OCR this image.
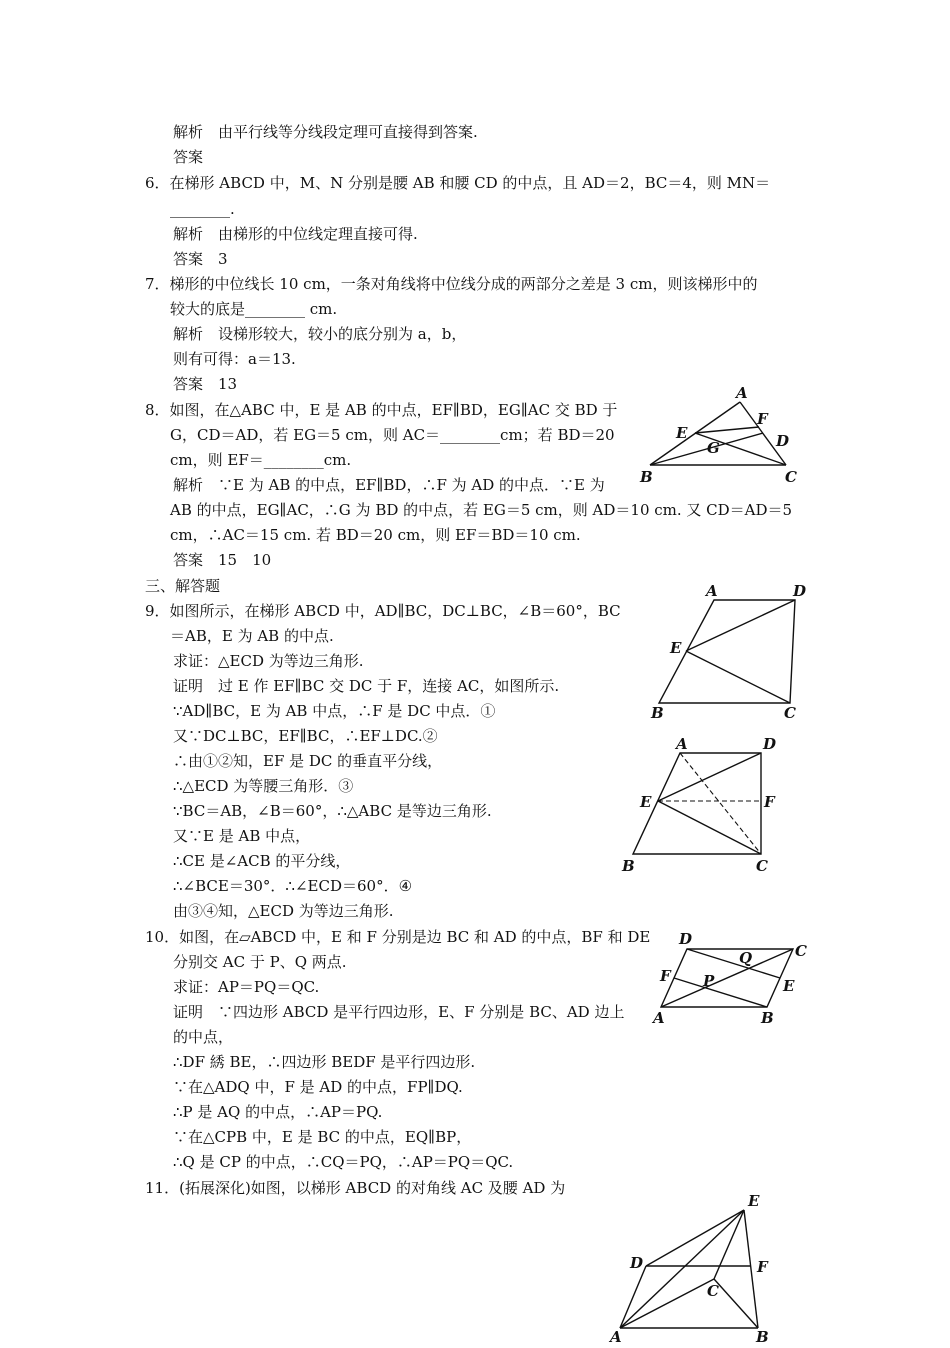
解析　由平行线等分线段定理可直接得到答案.
答案
6．在梯形 ABCD 中，M、N 分别是腰 AB 和腰 CD 的中点，且 AD＝2，BC＝4，则 MN＝
________.
解析　由梯形的中位线定理直接可得.
答案　3
7．梯形的中位线长 10 cm，一条对角线将中位线分成的两部分之差是 3 cm，则该梯形中的
较大的底是________ cm.
解析　设梯形较大，较小的底分别为 a，b，
则有可得：a＝13.
答案　13
8．如图，在△ABC 中，E 是 AB 的中点，EF∥BD，EG∥AC 交 BD 于
G，CD＝AD，若 EG＝5 cm，则 AC＝________cm；若 BD＝20
cm，则 EF＝________cm.
解析　∵E 为 AB 的中点，EF∥BD，∴F 为 AD 的中点．∵E 为
AB 的中点，EG∥AC，∴G 为 BD 的中点，若 EG＝5 cm，则 AD＝10 cm. 又 CD＝AD＝5
cm，∴AC＝15 cm. 若 BD＝20 cm，则 EF＝BD＝10 cm.
答案　15　10
三、解答题
9．如图所示，在梯形 ABCD 中，AD∥BC，DC⊥BC，∠B＝60°，BC
＝AB，E 为 AB 的中点.
求证：△ECD 为等边三角形.
证明　过 E 作 EF∥BC 交 DC 于 F，连接 AC，如图所示.
∵AD∥BC，E 为 AB 中点，∴F 是 DC 中点．①
又∵DC⊥BC，EF∥BC，∴EF⊥DC.②
∴由①②知，EF 是 DC 的垂直平分线，
∴△ECD 为等腰三角形．③
∵BC＝AB，∠B＝60°，∴△ABC 是等边三角形.
又∵E 是 AB 中点，
∴CE 是∠ACB 的平分线，
∴∠BCE＝30°．∴∠ECD＝60°．④
由③④知，△ECD 为等边三角形.
10．如图，在▱ABCD 中，E 和 F 分别是边 BC 和 AD 的中点，BF 和 DE
分别交 AC 于 P、Q 两点.
求证：AP＝PQ＝QC.
证明　∵四边形 ABCD 是平行四边形，E、F 分别是 BC、AD 边上
的中点，
∴DF 綉 BE，∴四边形 BEDF 是平行四边形.
∵在△ADQ 中，F 是 AD 的中点，FP∥DQ.
∴P 是 AQ 的中点，∴AP＝PQ.
∵在△CPB 中，E 是 BC 的中点，EQ∥BP，
∴Q 是 CP 的中点，∴CQ＝PQ，∴AP＝PQ＝QC.
11．(拓展深化)如图，以梯形 ABCD 的对角线 AC 及腰 AD 为
A
B	C
D
E
F
G
A	D
E
B	C
A	D
E	F
B	C
D
C
F
E
P
Q
A	B
E
D	F
C
A	B
